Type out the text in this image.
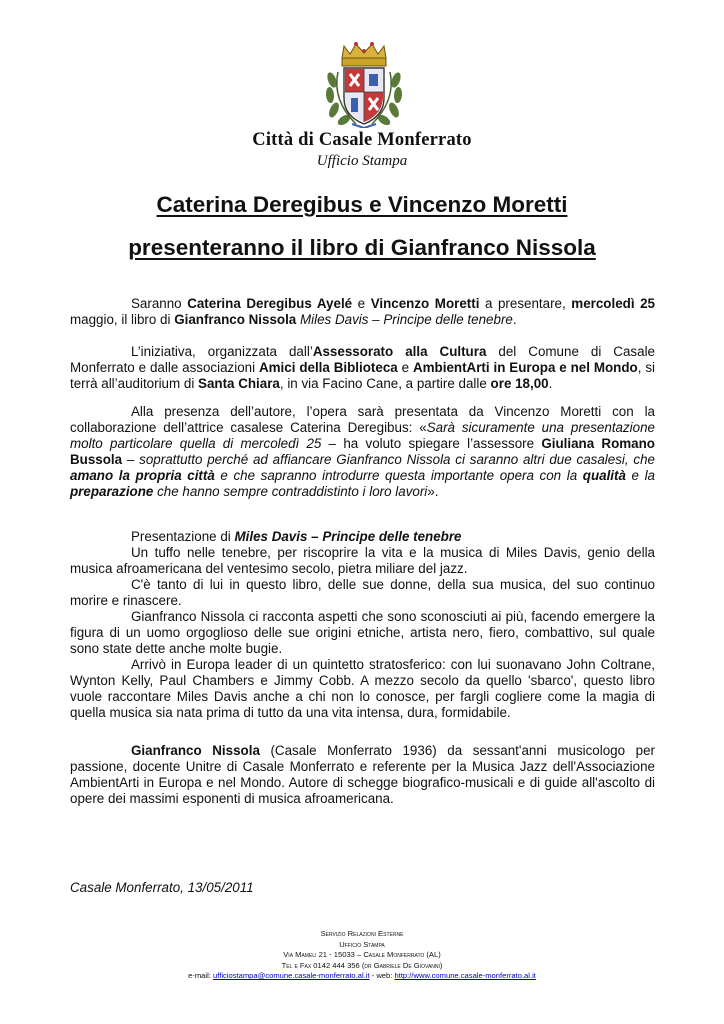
Città di Casale Monferrato
Ufficio Stampa
Caterina Deregibus e Vincenzo Moretti
presenteranno il libro di Gianfranco Nissola

Saranno Caterina Deregibus Ayelé e Vincenzo Moretti a presentare, mercoledì 25 maggio, il libro di Gianfranco Nissola Miles Davis – Principe delle tenebre.

L’iniziativa, organizzata dall’Assessorato alla Cultura del Comune di Casale Monferrato e dalle associazioni Amici della Biblioteca e AmbientArti in Europa e nel Mondo, si terrà all’auditorium di Santa Chiara, in via Facino Cane, a partire dalle ore 18,00.

Alla presenza dell’autore, l’opera sarà presentata da Vincenzo Moretti con la collaborazione dell’attrice casalese Caterina Deregibus: «Sarà sicuramente una presentazione molto particolare quella di mercoledì 25 – ha voluto spiegare l’assessore Giuliana Romano Bussola – soprattutto perché ad affiancare Gianfranco Nissola ci saranno altri due casalesi, che amano la propria città e che sapranno introdurre questa importante opera con la qualità e la preparazione che hanno sempre contraddistinto i loro lavori».

Presentazione di Miles Davis – Principe delle tenebre

Un tuffo nelle tenebre, per riscoprire la vita e la musica di Miles Davis, genio della musica afroamericana del ventesimo secolo, pietra miliare del jazz.

C'è tanto di lui in questo libro, delle sue donne, della sua musica, del suo continuo morire e rinascere.

Gianfranco Nissola ci racconta aspetti che sono sconosciuti ai più, facendo emergere la figura di un uomo orgoglioso delle sue origini etniche, artista nero, fiero, combattivo, sul quale sono state dette anche molte bugie.

Arrivò in Europa leader di un quintetto stratosferico: con lui suonavano John Coltrane, Wynton Kelly, Paul Chambers e Jimmy Cobb. A mezzo secolo da quello 'sbarco', questo libro vuole raccontare Miles Davis anche a chi non lo conosce, per fargli cogliere come la magia di quella musica sia nata prima di tutto da una vita intensa, dura, formidabile.

Gianfranco Nissola (Casale Monferrato 1936) da sessant'anni musicologo per passione, docente Unitre di Casale Monferrato e referente per la Musica Jazz dell'Associazione AmbientArti in Europa e nel Mondo. Autore di schegge biografico-musicali e di guide all'ascolto di opere dei massimi esponenti di musica afroamericana.

Casale Monferrato, 13/05/2011
Servizio Relazioni Esterne
Ufficio Stampa
Via Mameli 21 - 15033 – Casale Monferrato (AL)
Tel e Fax 0142 444 356 (dr Gabriele De Giovanni)
e-mail: ufficiostampa@comune.casale-monferrato.al.it - web: http://www.comune.casale-monferrato.al.it
